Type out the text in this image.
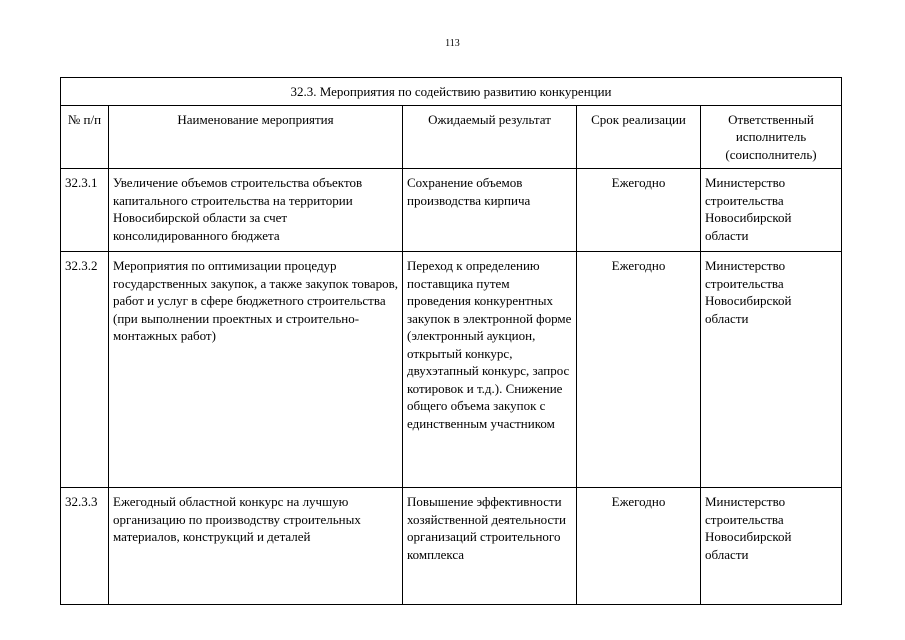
113
32.3. Мероприятия по содействию развитию конкуренции				
№ п/п	Наименование мероприятия	Ожидаемый результат	Срок реализации	Ответственный исполнитель (соисполнитель)
32.3.1	Увеличение объемов строительства объектов капитального строительства на территории Новосибирской области за счет консолидированного бюджета	Сохранение объемов производства кирпича	Ежегодно	Министерство строительства Новосибирской области
32.3.2	Мероприятия по оптимизации процедур государственных закупок, а также закупок товаров, работ и услуг в сфере бюджетного строительства (при выполнении проектных и строительно-монтажных работ)	Переход к определению поставщика путем проведения конкурентных закупок в электронной форме (электронный аукцион, открытый конкурс, двухэтапный конкурс, запрос котировок и т.д.). Снижение общего объема закупок с единственным участником	Ежегодно	Министерство строительства Новосибирской области
32.3.3	Ежегодный областной конкурс на лучшую организацию по производству строительных материалов, конструкций и деталей	Повышение эффективности хозяйственной деятельности организаций строительного комплекса	Ежегодно	Министерство строительства Новосибирской области
